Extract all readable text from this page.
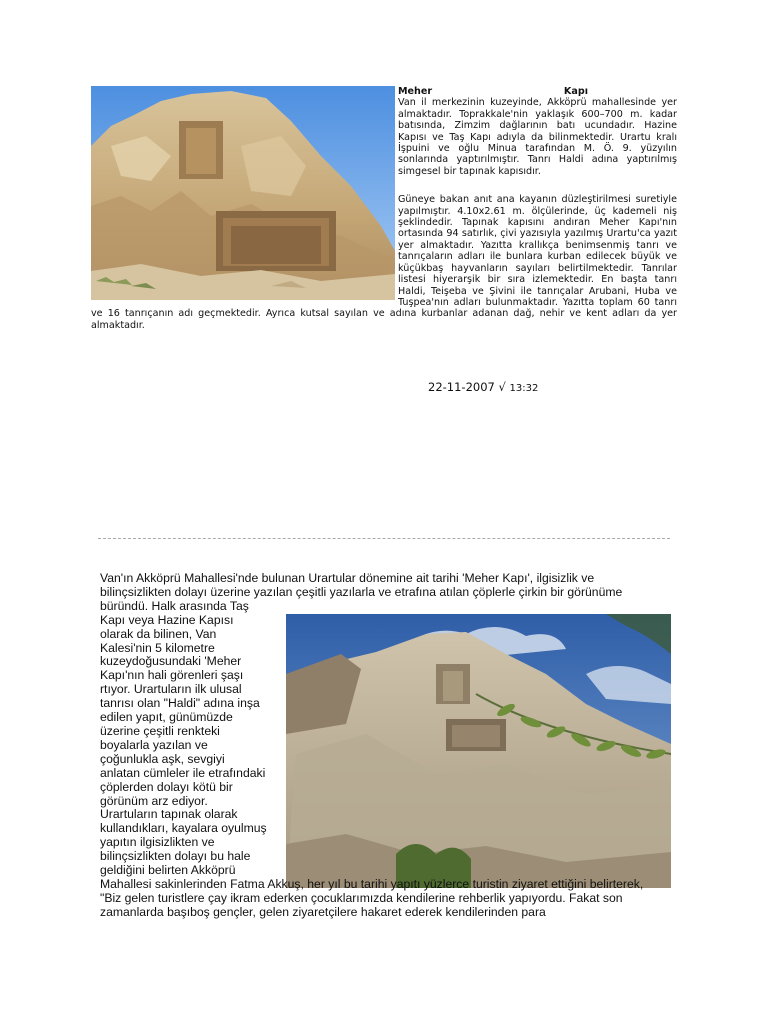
Meher	Kapı

Van il merkezinin kuzeyinde, Akköprü mahallesinde yer almaktadır. Toprakkale'nin yaklaşık 600–700 m. kadar batısında, Zimzim dağlarının batı ucundadır. Hazine Kapısı ve Taş Kapı adıyla da bilinmektedir. Urartu kralı İşpuini ve oğlu Minua tarafından M. Ö. 9. yüzyılın sonlarında yaptırılmıştır. Tanrı Haldi adına yaptırılmış simgesel bir tapınak kapısıdır.

Güneye bakan anıt ana kayanın düzleştirilmesi suretiyle yapılmıştır. 4.10x2.61 m. ölçülerinde, üç kademeli niş şeklindedir. Tapınak kapısını andıran Meher Kapı'nın ortasında 94 satırlık, çivi yazısıyla yazılmış Urartu'ca yazıt yer almaktadır. Yazıtta krallıkça benimsenmiş tanrı ve tanrıçaların adları ile bunlara kurban edilecek büyük ve küçükbaş hayvanların sayıları belirtilmektedir. Tanrılar listesi hiyerarşik bir sıra izlemektedir. En başta tanrı Haldi, Teişeba ve Şivini ile tanrıçalar Arubani, Huba ve Tuşpea'nın adları bulunmaktadır. Yazıtta toplam 60 tanrı ve 16 tanrıçanın adı geçmektedir. Ayrıca kutsal sayılan ve adına kurbanlar adanan dağ, nehir ve kent adları da yer almaktadır.

22-11-2007 √ 13:32

Van'ın Akköprü Mahallesi'nde bulunan Urartular dönemine ait tarihi 'Meher Kapı', ilgisizlik ve bilinçsizlikten dolayı üzerine yazılan çeşitli yazılarla ve etrafına atılan çöplerle çirkin bir görünüme büründü. Halk arasında Taş Kapı veya Hazine Kapısı olarak da bilinen, Van Kalesi'nin 5 kilometre kuzeydoğusundaki 'Meher Kapı'nın hali görenleri şaşı rtıyor. Urartuların ilk ulusal tanrısı olan "Haldi" adına inşa edilen yapıt, günümüzde üzerine çeşitli renkteki boyalarla yazılan ve çoğunlukla aşk, sevgiyi anlatan cümleler ile etrafındaki çöplerden dolayı kötü bir görünüm arz ediyor. Urartuların tapınak olarak kullandıkları, kayalara oyulmuş yapıtın ilgisizlikten ve bilinçsizlikten dolayı bu hale geldiğini belirten Akköprü Mahallesi sakinlerinden Fatma Akkuş, her yıl bu tarihi yapıtı yüzlerce turistin ziyaret ettiğini belirterek, "Biz gelen turistlere çay ikram ederken çocuklarımızda kendilerine rehberlik yapıyordu. Fakat son zamanlarda başıboş gençler, gelen ziyaretçilere hakaret ederek kendilerinden para
